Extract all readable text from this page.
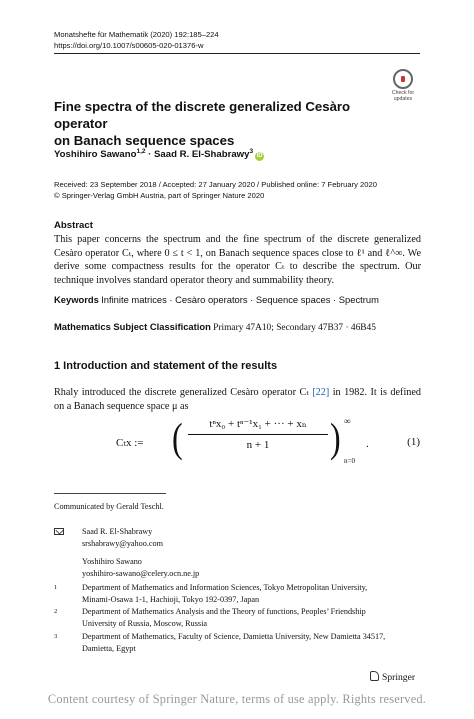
Monatshefte für Mathematik (2020) 192:185–224
https://doi.org/10.1007/s00605-020-01376-w
Check for
updates
Fine spectra of the discrete generalized Cesàro operator
on Banach sequence spaces
Yoshihiro Sawano$^{1,2}$ · Saad R. El-Shabrawy$^3$iD
Received: 23 September 2018 / Accepted: 27 January 2020 / Published online: 7 February 2020
© Springer-Verlag GmbH Austria, part of Springer Nature 2020
Abstract
This paper concerns the spectrum and the fine spectrum of the discrete generalized Cesàro operator Cₜ, where 0 ≤ t < 1, on Banach sequence spaces close to ℓ¹ and ℓ^∞. We derive some compactness results for the operator Cₜ to describe the spectrum. Our technique involves standard operator theory and summability theory.
Keywords Infinite matrices · Cesàro operators · Sequence spaces · Spectrum
Mathematics Subject Classification Primary 47A10; Secondary 47B37 · 46B45
1 Introduction and statement of the results
Rhaly introduced the discrete generalized Cesàro operator Cₜ [22] in 1982. It is defined on a Banach sequence space μ as
Cₜx := (	tⁿx₀ + tⁿ⁻¹x₁ + ··· + xₙ
n + 1	) ∞
n=0
.	(1)
Communicated by Gerald Teschl.
Saad R. El-Shabrawy
srshabrawy@yahoo.com
Yoshihiro Sawano
yoshihiro-sawano@celery.ocn.ne.jp
1	Department of Mathematics and Information Sciences, Tokyo Metropolitan University,
Minami-Osawa 1-1, Hachioji, Tokyo 192-0397, Japan
2	Department of Mathematics Analysis and the Theory of functions, Peoples’ Friendship
University of Russia, Moscow, Russia
3	Department of Mathematics, Faculty of Science, Damietta University, New Damietta 34517,
Damietta, Egypt
Springer
Content courtesy of Springer Nature, terms of use apply. Rights reserved.
